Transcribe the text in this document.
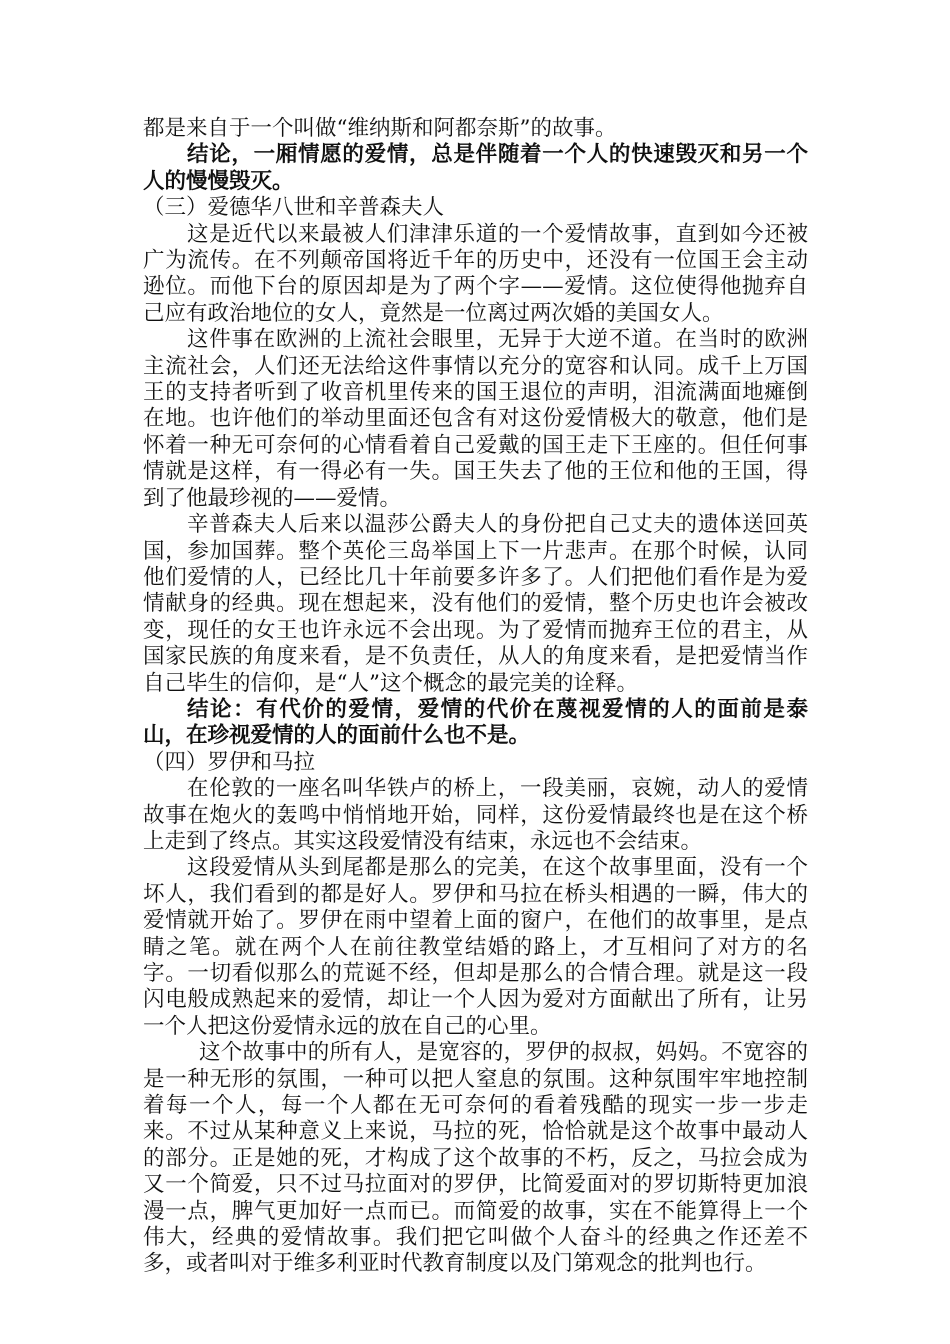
都是来自于一个叫做“维纳斯和阿都奈斯”的故事。

结论，一厢情愿的爱情，总是伴随着一个人的快速毁灭和另一个人的慢慢毁灭。

（三）爱德华八世和辛普森夫人

这是近代以来最被人们津津乐道的一个爱情故事，直到如今还被广为流传。在不列颠帝国将近千年的历史中，还没有一位国王会主动逊位。而他下台的原因却是为了两个字——爱情。这位使得他抛弃自己应有政治地位的女人，竟然是一位离过两次婚的美国女人。

这件事在欧洲的上流社会眼里，无异于大逆不道。在当时的欧洲主流社会，人们还无法给这件事情以充分的宽容和认同。成千上万国王的支持者听到了收音机里传来的国王退位的声明，泪流满面地瘫倒在地。也许他们的举动里面还包含有对这份爱情极大的敬意，他们是怀着一种无可奈何的心情看着自己爱戴的国王走下王座的。但任何事情就是这样，有一得必有一失。国王失去了他的王位和他的王国，得到了他最珍视的——爱情。

辛普森夫人后来以温莎公爵夫人的身份把自己丈夫的遗体送回英国，参加国葬。整个英伦三岛举国上下一片悲声。在那个时候，认同他们爱情的人，已经比几十年前要多许多了。人们把他们看作是为爱情献身的经典。现在想起来，没有他们的爱情，整个历史也许会被改变，现任的女王也许永远不会出现。为了爱情而抛弃王位的君主，从国家民族的角度来看，是不负责任，从人的角度来看，是把爱情当作自己毕生的信仰，是“人”这个概念的最完美的诠释。

结论：有代价的爱情，爱情的代价在蔑视爱情的人的面前是泰山，在珍视爱情的人的面前什么也不是。

（四）罗伊和马拉

在伦敦的一座名叫华铁卢的桥上，一段美丽，哀婉，动人的爱情故事在炮火的轰鸣中悄悄地开始，同样，这份爱情最终也是在这个桥上走到了终点。其实这段爱情没有结束，永远也不会结束。

这段爱情从头到尾都是那么的完美，在这个故事里面，没有一个坏人，我们看到的都是好人。罗伊和马拉在桥头相遇的一瞬，伟大的爱情就开始了。罗伊在雨中望着上面的窗户，在他们的故事里，是点睛之笔。就在两个人在前往教堂结婚的路上，才互相问了对方的名字。一切看似那么的荒诞不经，但却是那么的合情合理。就是这一段闪电般成熟起来的爱情，却让一个人因为爱对方面献出了所有，让另一个人把这份爱情永远的放在自己的心里。

这个故事中的所有人，是宽容的，罗伊的叔叔，妈妈。不宽容的是一种无形的氛围，一种可以把人窒息的氛围。这种氛围牢牢地控制着每一个人，每一个人都在无可奈何的看着残酷的现实一步一步走来。不过从某种意义上来说，马拉的死，恰恰就是这个故事中最动人的部分。正是她的死，才构成了这个故事的不朽，反之，马拉会成为又一个简爱，只不过马拉面对的罗伊，比简爱面对的罗切斯特更加浪漫一点，脾气更加好一点而已。而简爱的故事，实在不能算得上一个伟大，经典的爱情故事。我们把它叫做个人奋斗的经典之作还差不多，或者叫对于维多利亚时代教育制度以及门第观念的批判也行。
